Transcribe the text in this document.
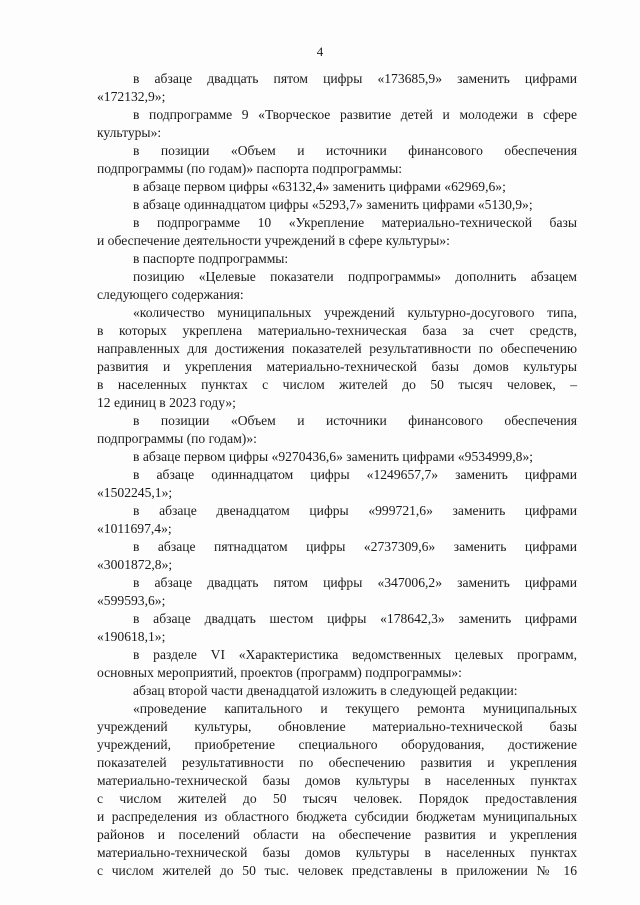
4
в абзаце двадцать пятом цифры «173685,9» заменить цифрами
«172132,9»;
в подпрограмме 9 «Творческое развитие детей и молодежи в сфере
культуры»:
в позиции «Объем и источники финансового обеспечения
подпрограммы (по годам)» паспорта подпрограммы:
в абзаце первом цифры «63132,4» заменить цифрами «62969,6»;
в абзаце одиннадцатом цифры «5293,7» заменить цифрами «5130,9»;
в подпрограмме 10 «Укрепление материально-технической базы
и обеспечение деятельности учреждений в сфере культуры»:
в паспорте подпрограммы:
позицию «Целевые показатели подпрограммы» дополнить абзацем
следующего содержания:
«количество муниципальных учреждений культурно-досугового типа,
в которых укреплена материально-техническая база за счет средств,
направленных для достижения показателей результативности по обеспечению
развития и укрепления материально-технической базы домов культуры
в населенных пунктах с числом жителей до 50 тысяч человек, –
12 единиц в 2023 году»;
в позиции «Объем и источники финансового обеспечения
подпрограммы (по годам)»:
в абзаце первом цифры «9270436,6» заменить цифрами «9534999,8»;
в абзаце одиннадцатом цифры «1249657,7» заменить цифрами
«1502245,1»;
в абзаце двенадцатом цифры «999721,6» заменить цифрами
«1011697,4»;
в абзаце пятнадцатом цифры «2737309,6» заменить цифрами
«3001872,8»;
в абзаце двадцать пятом цифры «347006,2» заменить цифрами
«599593,6»;
в абзаце двадцать шестом цифры «178642,3» заменить цифрами
«190618,1»;
в разделе VI «Характеристика ведомственных целевых программ,
основных мероприятий, проектов (программ) подпрограммы»:
абзац второй части двенадцатой изложить в следующей редакции:
«проведение капитального и текущего ремонта муниципальных
учреждений культуры, обновление материально-технической базы
учреждений, приобретение специального оборудования, достижение
показателей результативности по обеспечению развития и укрепления
материально-технической базы домов культуры в населенных пунктах
с числом жителей до 50 тысяч человек. Порядок предоставления
и распределения из областного бюджета субсидии бюджетам муниципальных
районов и поселений области на обеспечение развития и укрепления
материально-технической базы домов культуры в населенных пунктах
с числом жителей до 50 тыс. человек представлены в приложении № 16
